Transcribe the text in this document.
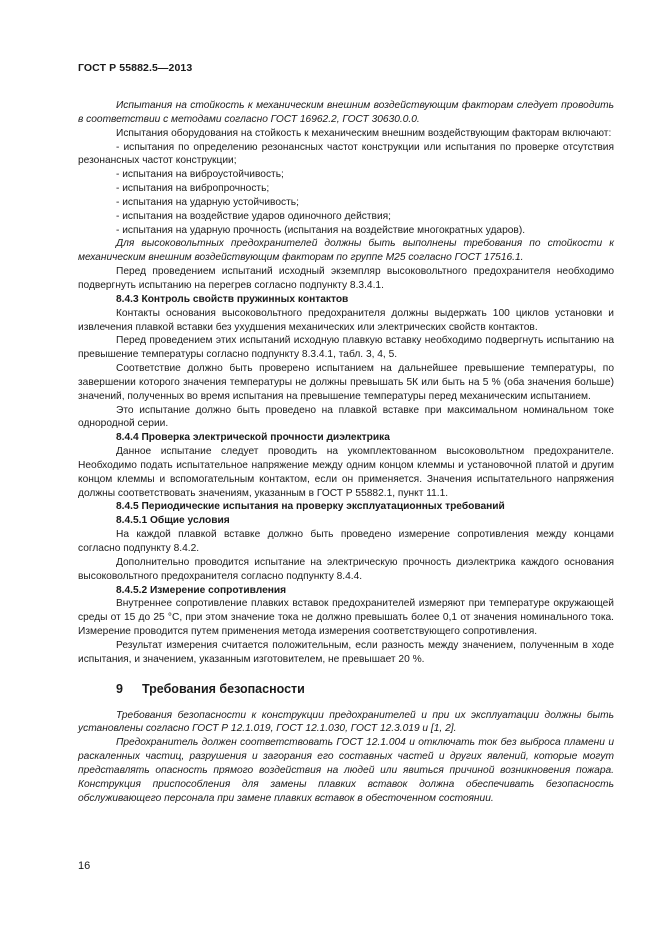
ГОСТ Р 55882.5—2013

Испытания на стойкость к механическим внешним воздействующим факторам следует проводить в соответствии с методами согласно ГОСТ 16962.2, ГОСТ 30630.0.0.

Испытания оборудования на стойкость к механическим внешним воздействующим факторам включают:

- испытания по определению резонансных частот конструкции или испытания по проверке отсутствия резонансных частот конструкции;

- испытания на виброустойчивость;

- испытания на вибропрочность;

- испытания на ударную устойчивость;

- испытания на воздействие ударов одиночного действия;

- испытания на ударную прочность (испытания на воздействие многократных ударов).

Для высоковольтных предохранителей должны быть выполнены требования по стойкости к механическим внешним воздействующим факторам по группе М25 согласно ГОСТ 17516.1.

Перед проведением испытаний исходный экземпляр высоковольтного предохранителя необходимо подвергнуть испытанию на перегрев согласно подпункту 8.3.4.1.

8.4.3 Контроль свойств пружинных контактов

Контакты основания высоковольтного предохранителя должны выдержать 100 циклов установки и извлечения плавкой вставки без ухудшения механических или электрических свойств контактов.

Перед проведением этих испытаний исходную плавкую вставку необходимо подвергнуть испытанию на превышение температуры согласно подпункту 8.3.4.1, табл. 3, 4, 5.

Соответствие должно быть проверено испытанием на дальнейшее превышение температуры, по завершении которого значения температуры не должны превышать 5К или быть на 5 % (оба значения больше) значений, полученных во время испытания на превышение температуры перед механическим испытанием.

Это испытание должно быть проведено на плавкой вставке при максимальном номинальном токе однородной серии.

8.4.4 Проверка электрической прочности диэлектрика

Данное испытание следует проводить на укомплектованном высоковольтном предохранителе. Необходимо подать испытательное напряжение между одним концом клеммы и установочной платой и другим концом клеммы и вспомогательным контактом, если он применяется. Значения испытательного напряжения должны соответствовать значениям, указанным в ГОСТ Р 55882.1, пункт 11.1.

8.4.5 Периодические испытания на проверку эксплуатационных требований

8.4.5.1 Общие условия

На каждой плавкой вставке должно быть проведено измерение сопротивления между концами согласно подпункту 8.4.2.

Дополнительно проводится испытание на электрическую прочность диэлектрика каждого основания высоковольтного предохранителя согласно подпункту 8.4.4.

8.4.5.2 Измерение сопротивления

Внутреннее сопротивление плавких вставок предохранителей измеряют при температуре окружающей среды от 15 до 25 °С, при этом значение тока не должно превышать более 0,1 от значения номинального тока. Измерение проводится путем применения метода измерения соответствующего сопротивления.

Результат измерения считается положительным, если разность между значением, полученным в ходе испытания, и значением, указанным изготовителем, не превышает 20 %.

9 Требования безопасности

Требования безопасности к конструкции предохранителей и при их эксплуатации должны быть установлены согласно ГОСТ Р 12.1.019, ГОСТ 12.1.030, ГОСТ 12.3.019 и [1, 2].

Предохранитель должен соответствовать ГОСТ 12.1.004 и отключать ток без выброса пламени и раскаленных частиц, разрушения и загорания его составных частей и других явлений, которые могут представлять опасность прямого воздействия на людей или явиться причиной возникновения пожара. Конструкция приспособления для замены плавких вставок должна обеспечивать безопасность обслуживающего персонала при замене плавких вставок в обесточенном состоянии.

16
